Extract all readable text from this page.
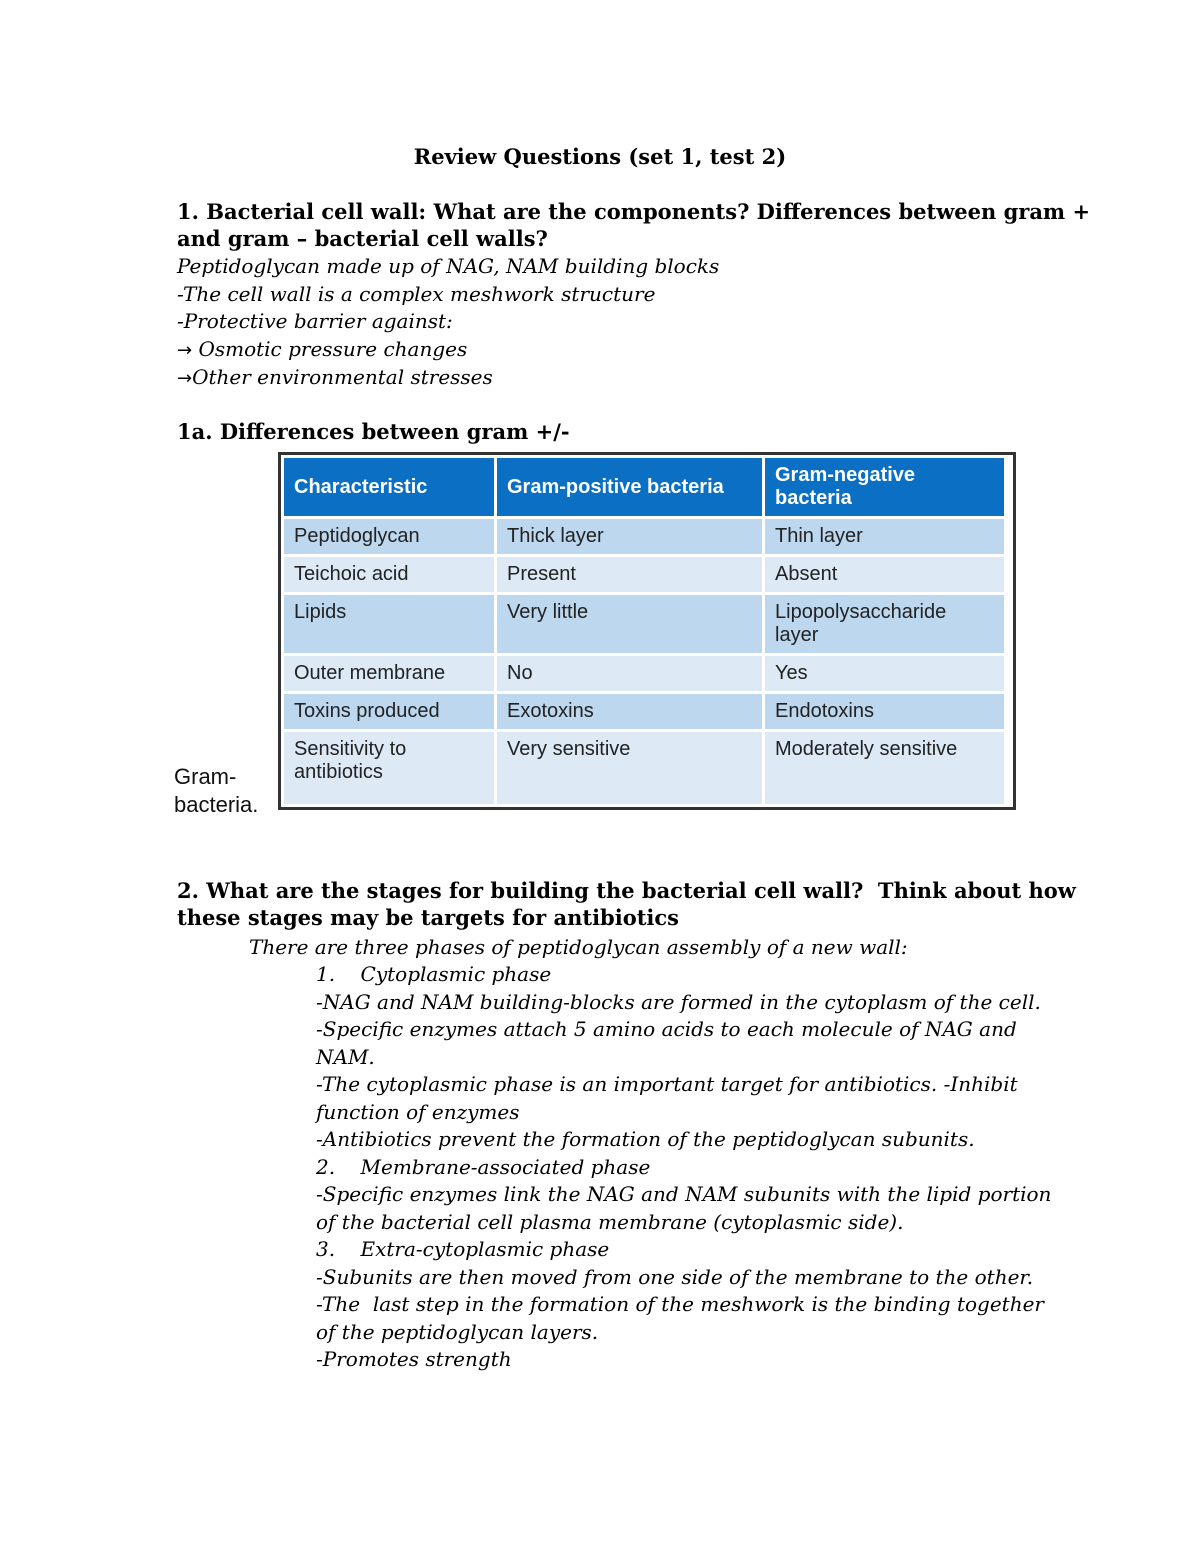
Review Questions (set 1, test 2)
1. Bacterial cell wall: What are the components? Differences between gram +
and gram – bacterial cell walls?
Peptidoglycan made up of NAG, NAM building blocks
-The cell wall is a complex meshwork structure
-Protective barrier against:
→ Osmotic pressure changes
→Other environmental stresses
1a. Differences between gram +/-
Characteristic	Gram-positive bacteria	Gram-negative bacteria
Peptidoglycan	Thick layer	Thin layer
Teichoic acid	Present	Absent
Lipids	Very little	Lipopolysaccharide layer
Outer membrane	No	Yes
Toxins produced	Exotoxins	Endotoxins
Sensitivity to antibiotics	Very sensitive	Moderately sensitive
Gram-
bacteria.
2. What are the stages for building the bacterial cell wall?  Think about how
these stages may be targets for antibiotics
There are three phases of peptidoglycan assembly of a new wall:
1.    Cytoplasmic phase
-NAG and NAM building-blocks are formed in the cytoplasm of the cell.
-Specific enzymes attach 5 amino acids to each molecule of NAG and
NAM.
-The cytoplasmic phase is an important target for antibiotics. -Inhibit
function of enzymes
-Antibiotics prevent the formation of the peptidoglycan subunits.
2.    Membrane-associated phase
-Specific enzymes link the NAG and NAM subunits with the lipid portion
of the bacterial cell plasma membrane (cytoplasmic side).
3.    Extra-cytoplasmic phase
-Subunits are then moved from one side of the membrane to the other.
-The  last step in the formation of the meshwork is the binding together
of the peptidoglycan layers.
-Promotes strength
